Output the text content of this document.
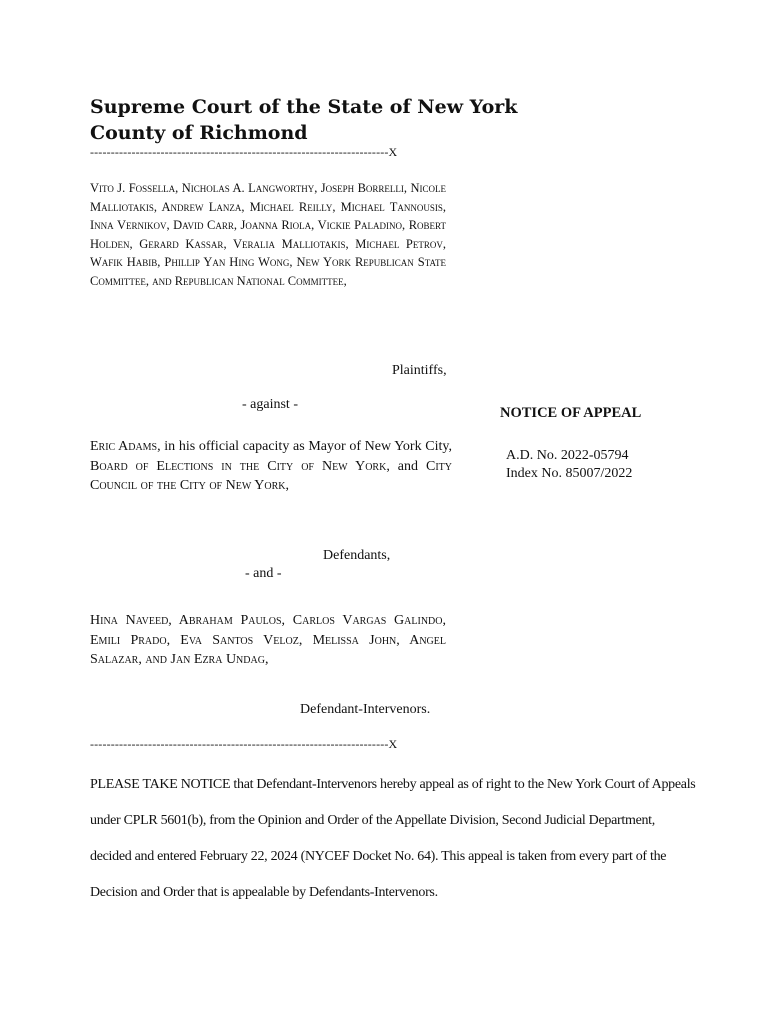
Supreme Court of the State of New York
County of Richmond
------------------------------------------------------------------------X
Vito J. Fossella, Nicholas A. Langworthy, Joseph Borrelli, Nicole Malliotakis, Andrew Lanza, Michael Reilly, Michael Tannousis, Inna Vernikov, David Carr, Joanna Riola, Vickie Paladino, Robert Holden, Gerard Kassar, Veralia Malliotakis, Michael Petrov, Wafik Habib, Phillip Yan Hing Wong, New York Republican State Committee, and Republican National Committee,
Plaintiffs,
- against -
Eric Adams, in his official capacity as Mayor of New York City, Board of Elections in the City of New York, and City Council of the City of New York,
Defendants,
- and -
Hina Naveed, Abraham Paulos, Carlos Vargas Galindo, Emili Prado, Eva Santos Veloz, Melissa John, Angel Salazar, and Jan Ezra Undag,
Defendant-Intervenors.
------------------------------------------------------------------------X
NOTICE OF APPEAL
A.D. No. 2022-05794
Index No. 85007/2022
PLEASE TAKE NOTICE that Defendant-Intervenors hereby appeal as of right to the New York Court of Appeals
under CPLR 5601(b), from the Opinion and Order of the Appellate Division, Second Judicial Department,
decided and entered February 22, 2024 (NYCEF Docket No. 64). This appeal is taken from every part of the
Decision and Order that is appealable by Defendants-Intervenors.
